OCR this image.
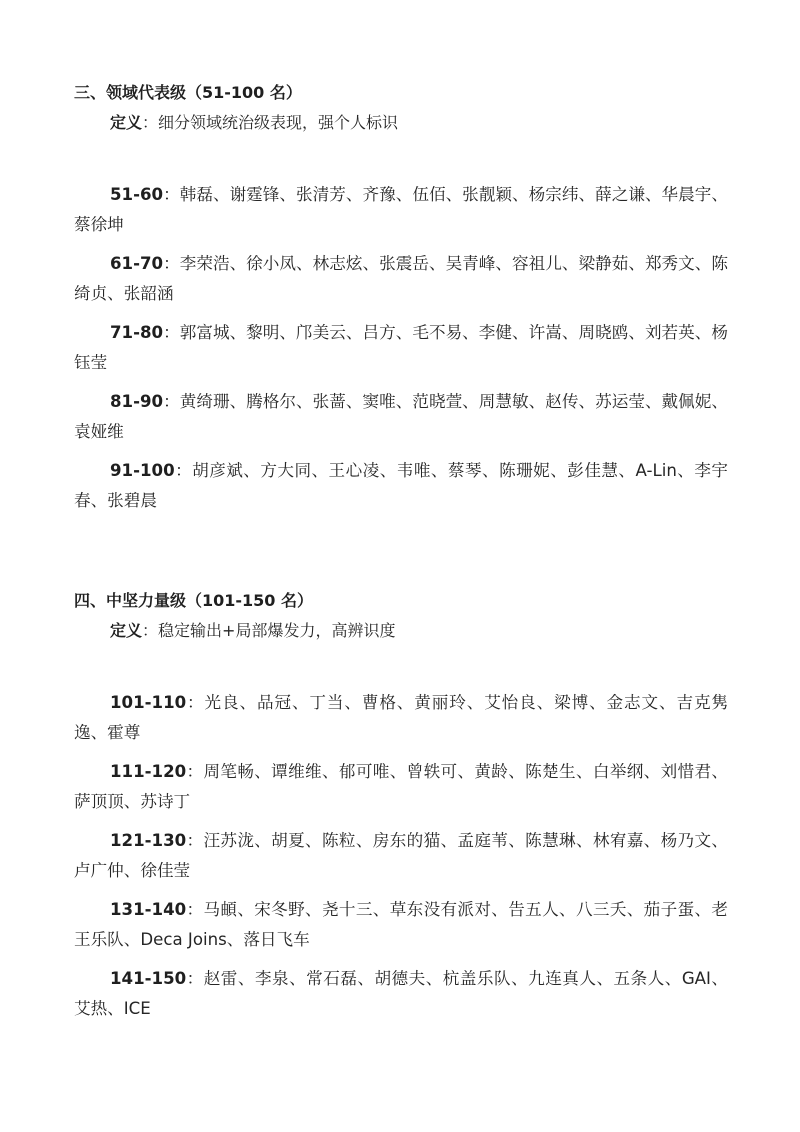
三、领域代表级（51-100 名）

定义：细分领域统治级表现，强个人标识

51-60：韩磊、谢霆锋、张清芳、齐豫、伍佰、张靓颖、杨宗纬、薛之谦、华晨宇、蔡徐坤

61-70：李荣浩、徐小凤、林志炫、张震岳、吴青峰、容祖儿、梁静茹、郑秀文、陈绮贞、张韶涵

71-80：郭富城、黎明、邝美云、吕方、毛不易、李健、许嵩、周晓鸥、刘若英、杨钰莹

81-90：黄绮珊、腾格尔、张蔷、窦唯、范晓萱、周慧敏、赵传、苏运莹、戴佩妮、袁娅维

91-100：胡彦斌、方大同、王心凌、韦唯、蔡琴、陈珊妮、彭佳慧、A-Lin、李宇春、张碧晨

四、中坚力量级（101-150 名）

定义：稳定输出+局部爆发力，高辨识度

101-110：光良、品冠、丁当、曹格、黄丽玲、艾怡良、梁博、金志文、吉克隽逸、霍尊

111-120：周笔畅、谭维维、郁可唯、曾轶可、黄龄、陈楚生、白举纲、刘惜君、萨顶顶、苏诗丁

121-130：汪苏泷、胡夏、陈粒、房东的猫、孟庭苇、陈慧琳、林宥嘉、杨乃文、卢广仲、徐佳莹

131-140：马頔、宋冬野、尧十三、草东没有派对、告五人、八三夭、茄子蛋、老王乐队、Deca Joins、落日飞车

141-150：赵雷、李泉、常石磊、胡德夫、杭盖乐队、九连真人、五条人、GAI、艾热、ICE
